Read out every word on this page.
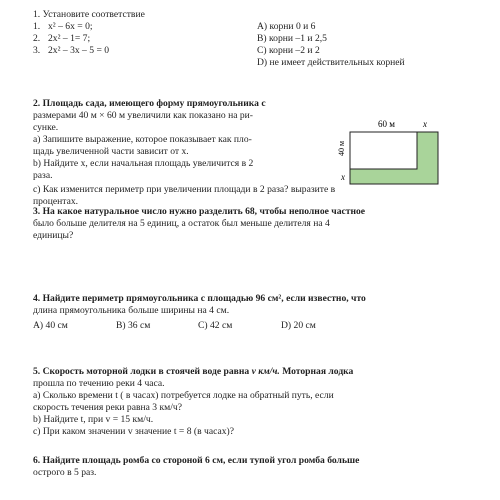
1. Установите соответствие
1. x² – 6x = 0;
2. 2x² – 1= 7;
3. 2x² – 3x – 5 = 0
A) корни 0 и 6
B) корни –1 и 2,5
C) корни –2 и 2
D) не имеет действительных корней
2. Площадь сада, имеющего форму прямоугольника с
размерами 40 м × 60 м увеличили как показано на ри-
сунке.
a) Запишите выражение, которое показывает как пло-
щадь увеличенной части зависит от x.
b) Найдите x, если начальная площадь увеличится в 2
раза.
c) Как изменится периметр при увеличении площади в 2 раза? выразите в
процентах.
60 м	x
40 м
x
3. На какое натуральное число нужно разделить 68, чтобы неполное частное
было больше делителя на 5 единиц, а остаток был меньше делителя на 4
единицы?
4. Найдите периметр прямоугольника с площадью 96 см², если известно, что
длина прямоугольника больше ширины на 4 см.
A) 40 см	B) 36 см	C) 42 см	D) 20 см
5. Скорость моторной лодки в стоячей воде равна v км/ч. Моторная лодка
прошла по течению реки 4 часа.
a) Сколько времени t ( в часах) потребуется лодке на обратный путь, если
скорость течения реки равна 3 км/ч?
b) Найдите t, при v = 15 км/ч.
c) При каком значении v значение t = 8 (в часах)?
6. Найдите площадь ромба со стороной 6 см, если тупой угол ромба больше
острого в 5 раз.
